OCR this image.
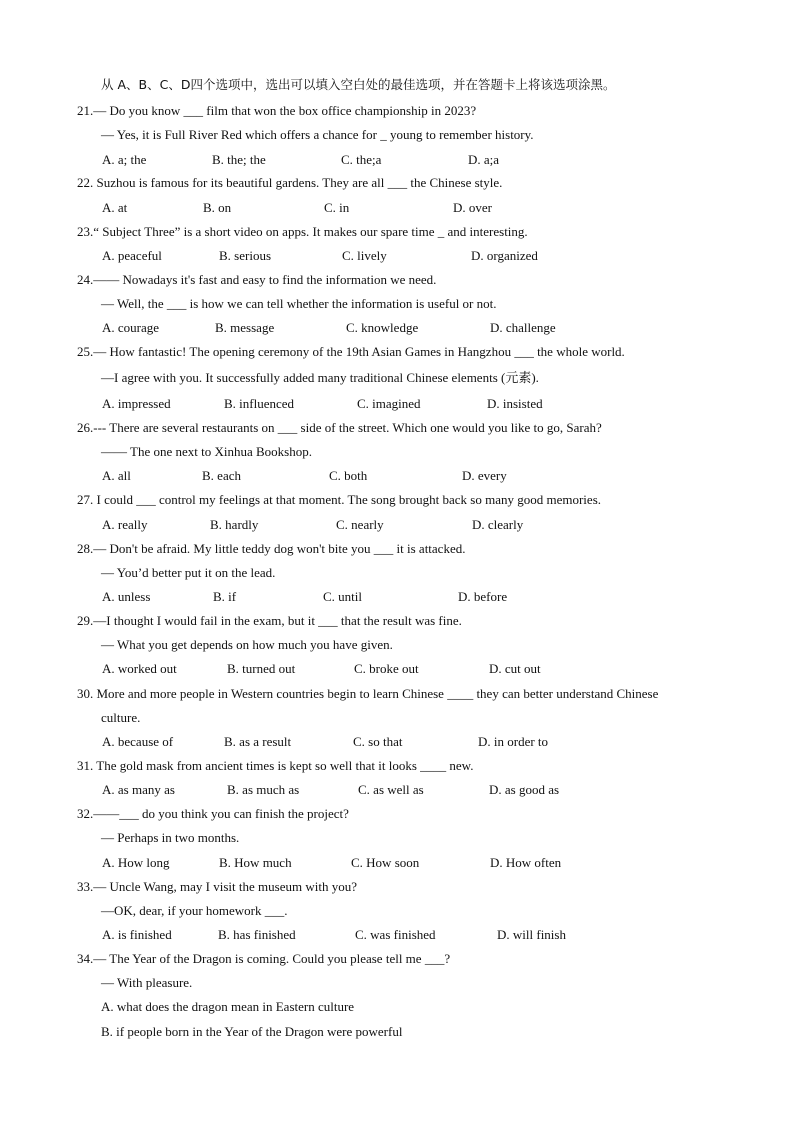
从 A、B、C、D四个选项中，选出可以填入空白处的最佳选项，并在答题卡上将该选项涂黑。
21.— Do you know ___ film that won the box office championship in 2023?
— Yes, it is Full River Red which offers a chance for _ young to remember history.
A. a; the	B. the; the	C. the;a	D. a;a
22. Suzhou is famous for its beautiful gardens. They are all ___ the Chinese style.
A. at	B. on	C. in	D. over
23.“ Subject Three” is a short video on apps. It makes our spare time _ and interesting.
A. peaceful	B. serious	C. lively	D. organized
24.—— Nowadays it's fast and easy to find the information we need.
— Well, the ___ is how we can tell whether the information is useful or not.
A. courage	B. message	C. knowledge	D. challenge
25.— How fantastic! The opening ceremony of the 19th Asian Games in Hangzhou ___ the whole world.
—I agree with you. It successfully added many traditional Chinese elements (元素).
A. impressed	B. influenced	C. imagined	D. insisted
26.--- There are several restaurants on ___ side of the street. Which one would you like to go, Sarah?
—— The one next to Xinhua Bookshop.
A. all	B. each	C. both	D. every
27. I could ___ control my feelings at that moment. The song brought back so many good memories.
A. really	B. hardly	C. nearly	D. clearly
28.— Don't be afraid. My little teddy dog won't bite you ___ it is attacked.
— You’d better put it on the lead.
A. unless	B. if	C. until	D. before
29.—I thought I would fail in the exam, but it ___ that the result was fine.
— What you get depends on how much you have given.
A. worked out	B. turned out	C. broke out	D. cut out
30. More and more people in Western countries begin to learn Chinese ____ they can better understand Chinese
culture.
A. because of	B. as a result	C. so that	D. in order to
31. The gold mask from ancient times is kept so well that it looks ____ new.
A. as many as	B. as much as	C. as well as	D. as good as
32.——___ do you think you can finish the project?
— Perhaps in two months.
A. How long	B. How much	C. How soon	D. How often
33.— Uncle Wang, may I visit the museum with you?
—OK, dear, if your homework ___.
A. is finished	B. has finished	C. was finished	D. will finish
34.— The Year of the Dragon is coming. Could you please tell me ___?
— With pleasure.
A. what does the dragon mean in Eastern culture
B. if people born in the Year of the Dragon were powerful
